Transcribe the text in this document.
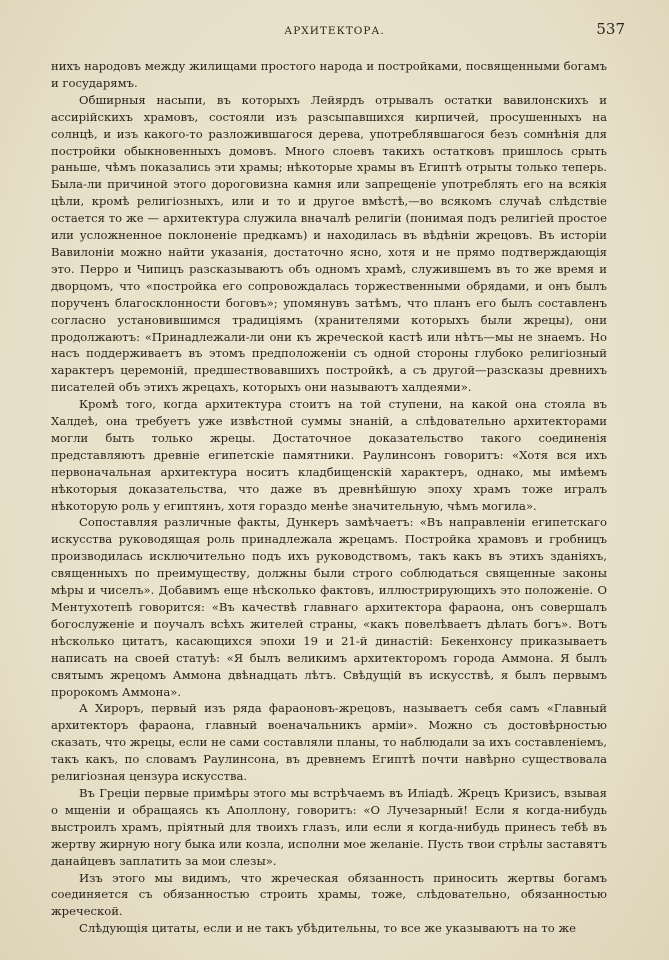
АРХИТЕКТОРА.	537

нихъ народовъ между жилищами простого народа и постройками, посвященными богамъ и государямъ.

Обширныя насыпи, въ которыхъ Лейярдъ отрывалъ остатки вавилонскихъ и ассирійскихъ храмовъ, состояли изъ разсыпавшихся кирпичей, просушенныхъ на солнцѣ, и изъ какого-то разложившагося дерева, употреблявшагося безъ сомнѣнія для постройки обыкновенныхъ домовъ. Много слоевъ такихъ остатковъ пришлось срыть раньше, чѣмъ показались эти храмы; нѣкоторые храмы въ Египтѣ отрыты только теперь. Была-ли причиной этого дороговизна камня или запрещеніе употреблять его на всякія цѣли, кромѣ религіозныхъ, или и то и другое вмѣстѣ,—во всякомъ случаѣ слѣдствіе остается то же — архитектура служила вначалѣ религіи (понимая подъ религіей простое или усложненное поклоненіе предкамъ) и находилась въ вѣдѣніи жрецовъ. Въ исторіи Вавилоніи можно найти указанія, достаточно ясно, хотя и не прямо подтверждающія это. Перро и Чипицъ разсказываютъ объ одномъ храмѣ, служившемъ въ то же время и дворцомъ, что «постройка его сопровождалась торжественными обрядами, и онъ былъ порученъ благосклонности боговъ»; упомянувъ затѣмъ, что планъ его былъ составленъ согласно установившимся традиціямъ (хранителями которыхъ были жрецы), они продолжаютъ: «Принадлежали-ли они къ жреческой кастѣ или нѣтъ—мы не знаемъ. Но насъ поддерживаетъ въ этомъ предположеніи съ одной стороны глубоко религіозный характеръ церемоній, предшествовавшихъ постройкѣ, а съ другой—разсказы древнихъ писателей объ этихъ жрецахъ, которыхъ они называютъ халдеями».

Кромѣ того, когда архитектура стоитъ на той ступени, на какой она стояла въ Халдеѣ, она требуетъ уже извѣстной суммы знаній, а слѣдовательно архитекторами могли быть только жрецы. Достаточное доказательство такого соединенія представляютъ древніе египетскіе памятники. Раулинсонъ говоритъ: «Хотя вся ихъ первоначальная архитектура носитъ кладбищенскій характеръ, однако, мы имѣемъ нѣкоторыя доказательства, что даже въ древнѣйшую эпоху храмъ тоже игралъ нѣкоторую роль у египтянъ, хотя гораздо менѣе значительную, чѣмъ могила».

Сопоставляя различные факты, Дункеръ замѣчаетъ: «Въ направленіи египетскаго искусства руководящая роль принадлежала жрецамъ. Постройка храмовъ и гробницъ производилась исключительно подъ ихъ руководствомъ, такъ какъ въ этихъ зданіяхъ, священныхъ по преимуществу, должны были строго соблюдаться священные законы мѣры и чиселъ». Добавимъ еще нѣсколько фактовъ, иллюстрирующихъ это положеніе. О Ментухотепѣ говорится: «Въ качествѣ главнаго архитектора фараона, онъ совершалъ богослуженіе и поучалъ всѣхъ жителей страны, «какъ повелѣваетъ дѣлать богъ». Вотъ нѣсколько цитатъ, касающихся эпохи 19 и 21-й династій: Бекенхонсу приказываетъ написать на своей статуѣ: «Я былъ великимъ архитекторомъ города Аммона. Я былъ святымъ жрецомъ Аммона двѣнадцать лѣтъ. Свѣдущій въ искусствѣ, я былъ первымъ пророкомъ Аммона».

А Хироръ, первый изъ ряда фараоновъ-жрецовъ, называетъ себя самъ «Главный архитекторъ фараона, главный военачальникъ арміи». Можно съ достовѣрностью сказать, что жрецы, если не сами составляли планы, то наблюдали за ихъ составленіемъ, такъ какъ, по словамъ Раулинсона, въ древнемъ Египтѣ почти навѣрно существовала религіозная цензура искусства.

Въ Греціи первые примѣры этого мы встрѣчаемъ въ Иліадѣ. Жрецъ Кризисъ, взывая о мщеніи и обращаясь къ Аполлону, говоритъ: «О Лучезарный! Если я когда-нибудь выстроилъ храмъ, пріятный для твоихъ глазъ, или если я когда-нибудь принесъ тебѣ въ жертву жирную ногу быка или козла, исполни мое желаніе. Пусть твои стрѣлы заставятъ данайцевъ заплатить за мои слезы».

Изъ этого мы видимъ, что жреческая обязанность приносить жертвы богамъ соединяется съ обязанностью строить храмы, тоже, слѣдовательно, обязанностью жреческой.

Слѣдующія цитаты, если и не такъ убѣдительны, то все же указываютъ на то же
